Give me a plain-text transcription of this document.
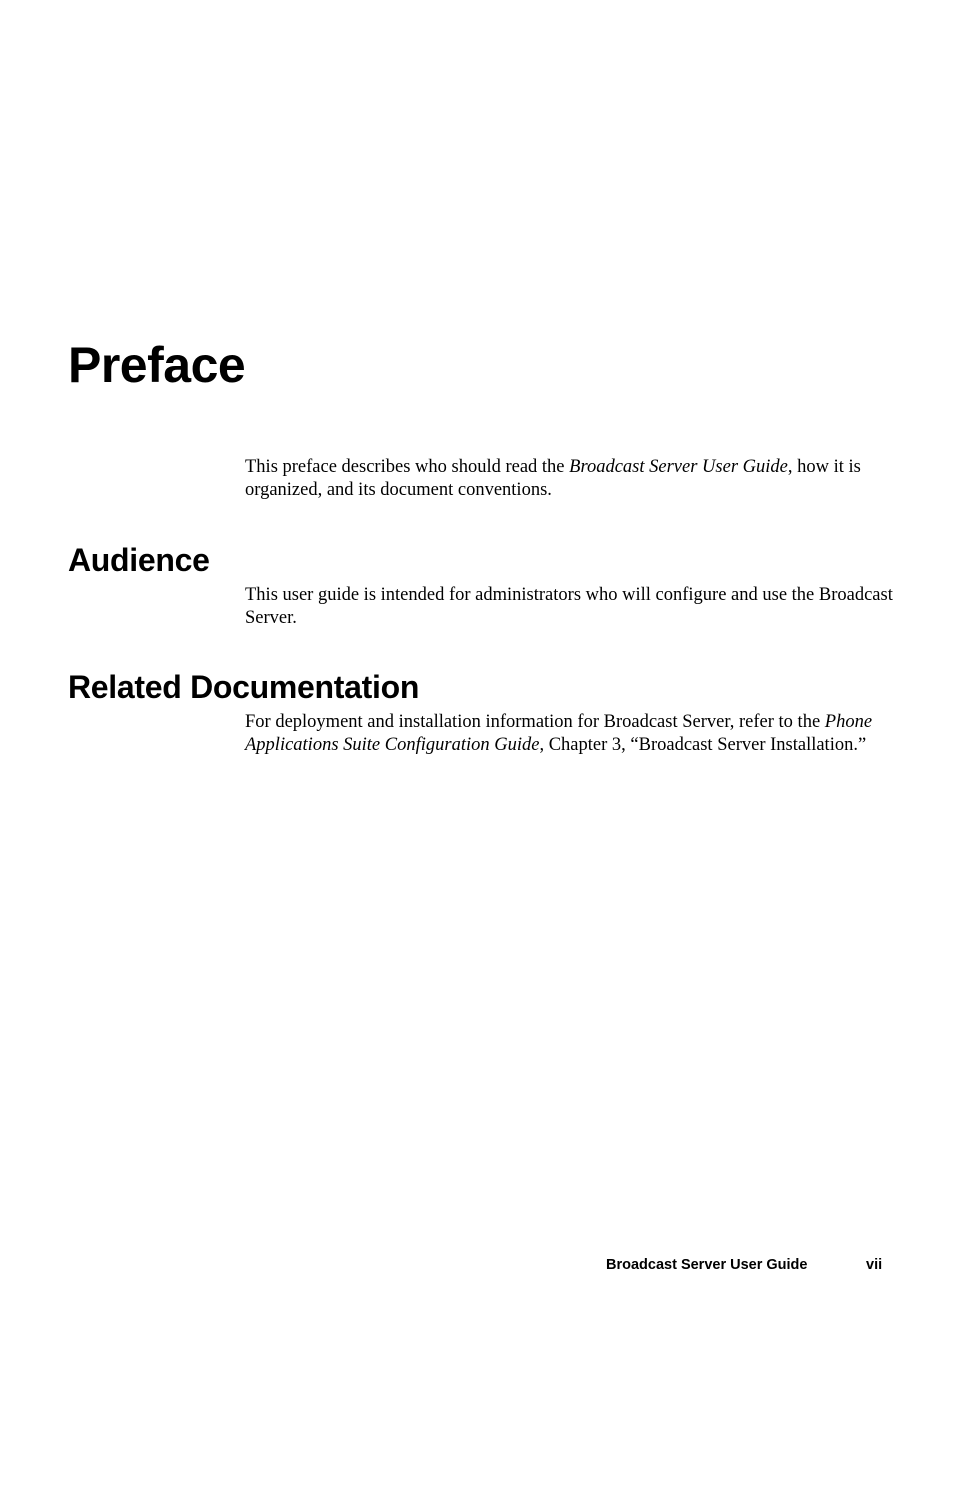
Preface

This preface describes who should read the Broadcast Server User Guide, how it is organized, and its document conventions.

Audience

This user guide is intended for administrators who will configure and use the Broadcast Server.

Related Documentation

For deployment and installation information for Broadcast Server, refer to the Phone Applications Suite Configuration Guide, Chapter 3, “Broadcast Server Installation.”

Broadcast Server User Guide	vii
